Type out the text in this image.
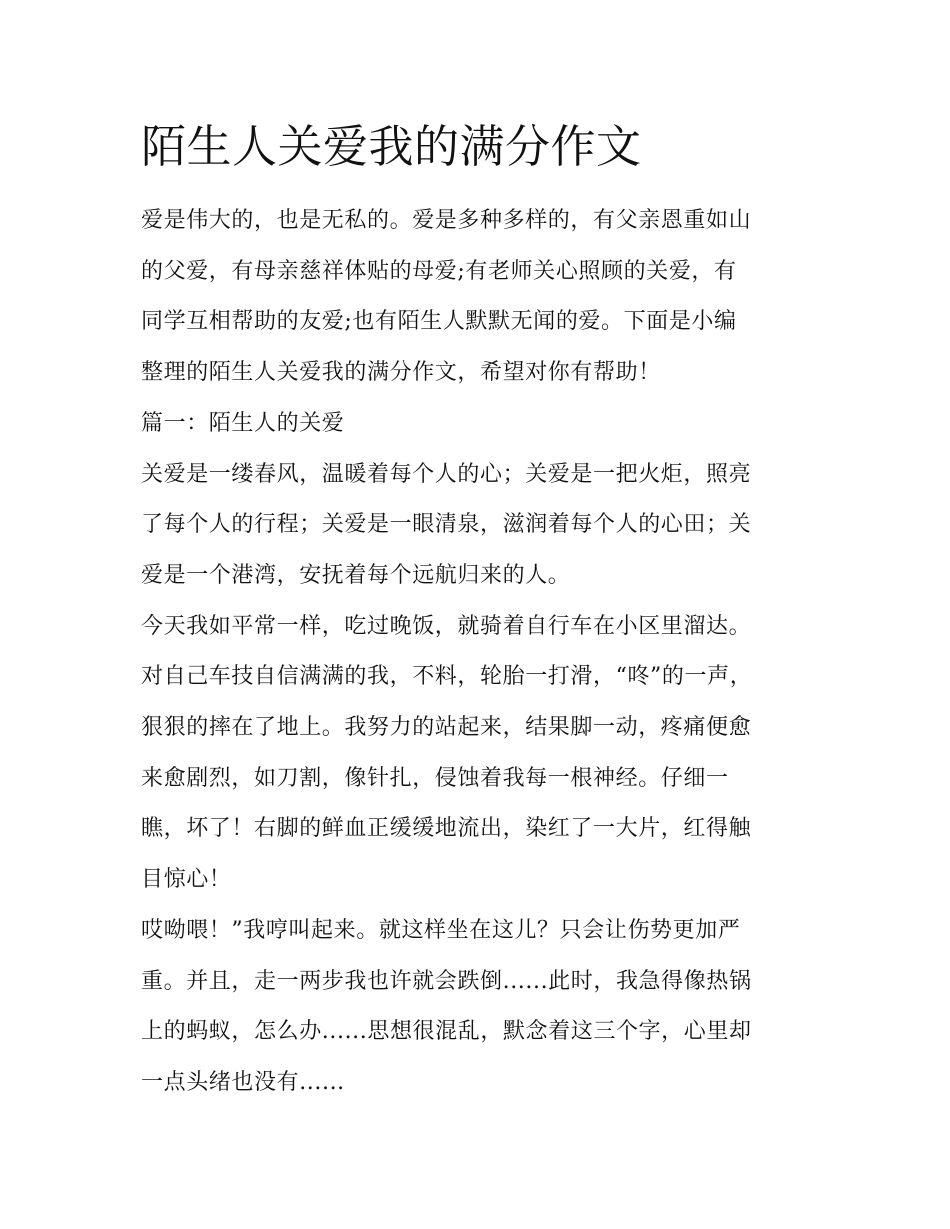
陌生人关爱我的满分作文

爱是伟大的，也是无私的。爱是多种多样的，有父亲恩重如山
的父爱，有母亲慈祥体贴的母爱;有老师关心照顾的关爱，有
同学互相帮助的友爱;也有陌生人默默无闻的爱。下面是小编
整理的陌生人关爱我的满分作文，希望对你有帮助！

篇一：陌生人的关爱

关爱是一缕春风，温暖着每个人的心；关爱是一把火炬，照亮
了每个人的行程；关爱是一眼清泉，滋润着每个人的心田；关
爱是一个港湾，安抚着每个远航归来的人。

今天我如平常一样，吃过晚饭，就骑着自行车在小区里溜达。
对自己车技自信满满的我，不料，轮胎一打滑，“咚”的一声，
狠狠的摔在了地上。我努力的站起来，结果脚一动，疼痛便愈
来愈剧烈，如刀割，像针扎，侵蚀着我每一根神经。仔细一
瞧，坏了！右脚的鲜血正缓缓地流出，染红了一大片，红得触
目惊心！

哎呦喂！”我哼叫起来。就这样坐在这儿？只会让伤势更加严
重。并且，走一两步我也许就会跌倒......此时，我急得像热锅
上的蚂蚁，怎么办......思想很混乱，默念着这三个字，心里却
一点头绪也没有......
